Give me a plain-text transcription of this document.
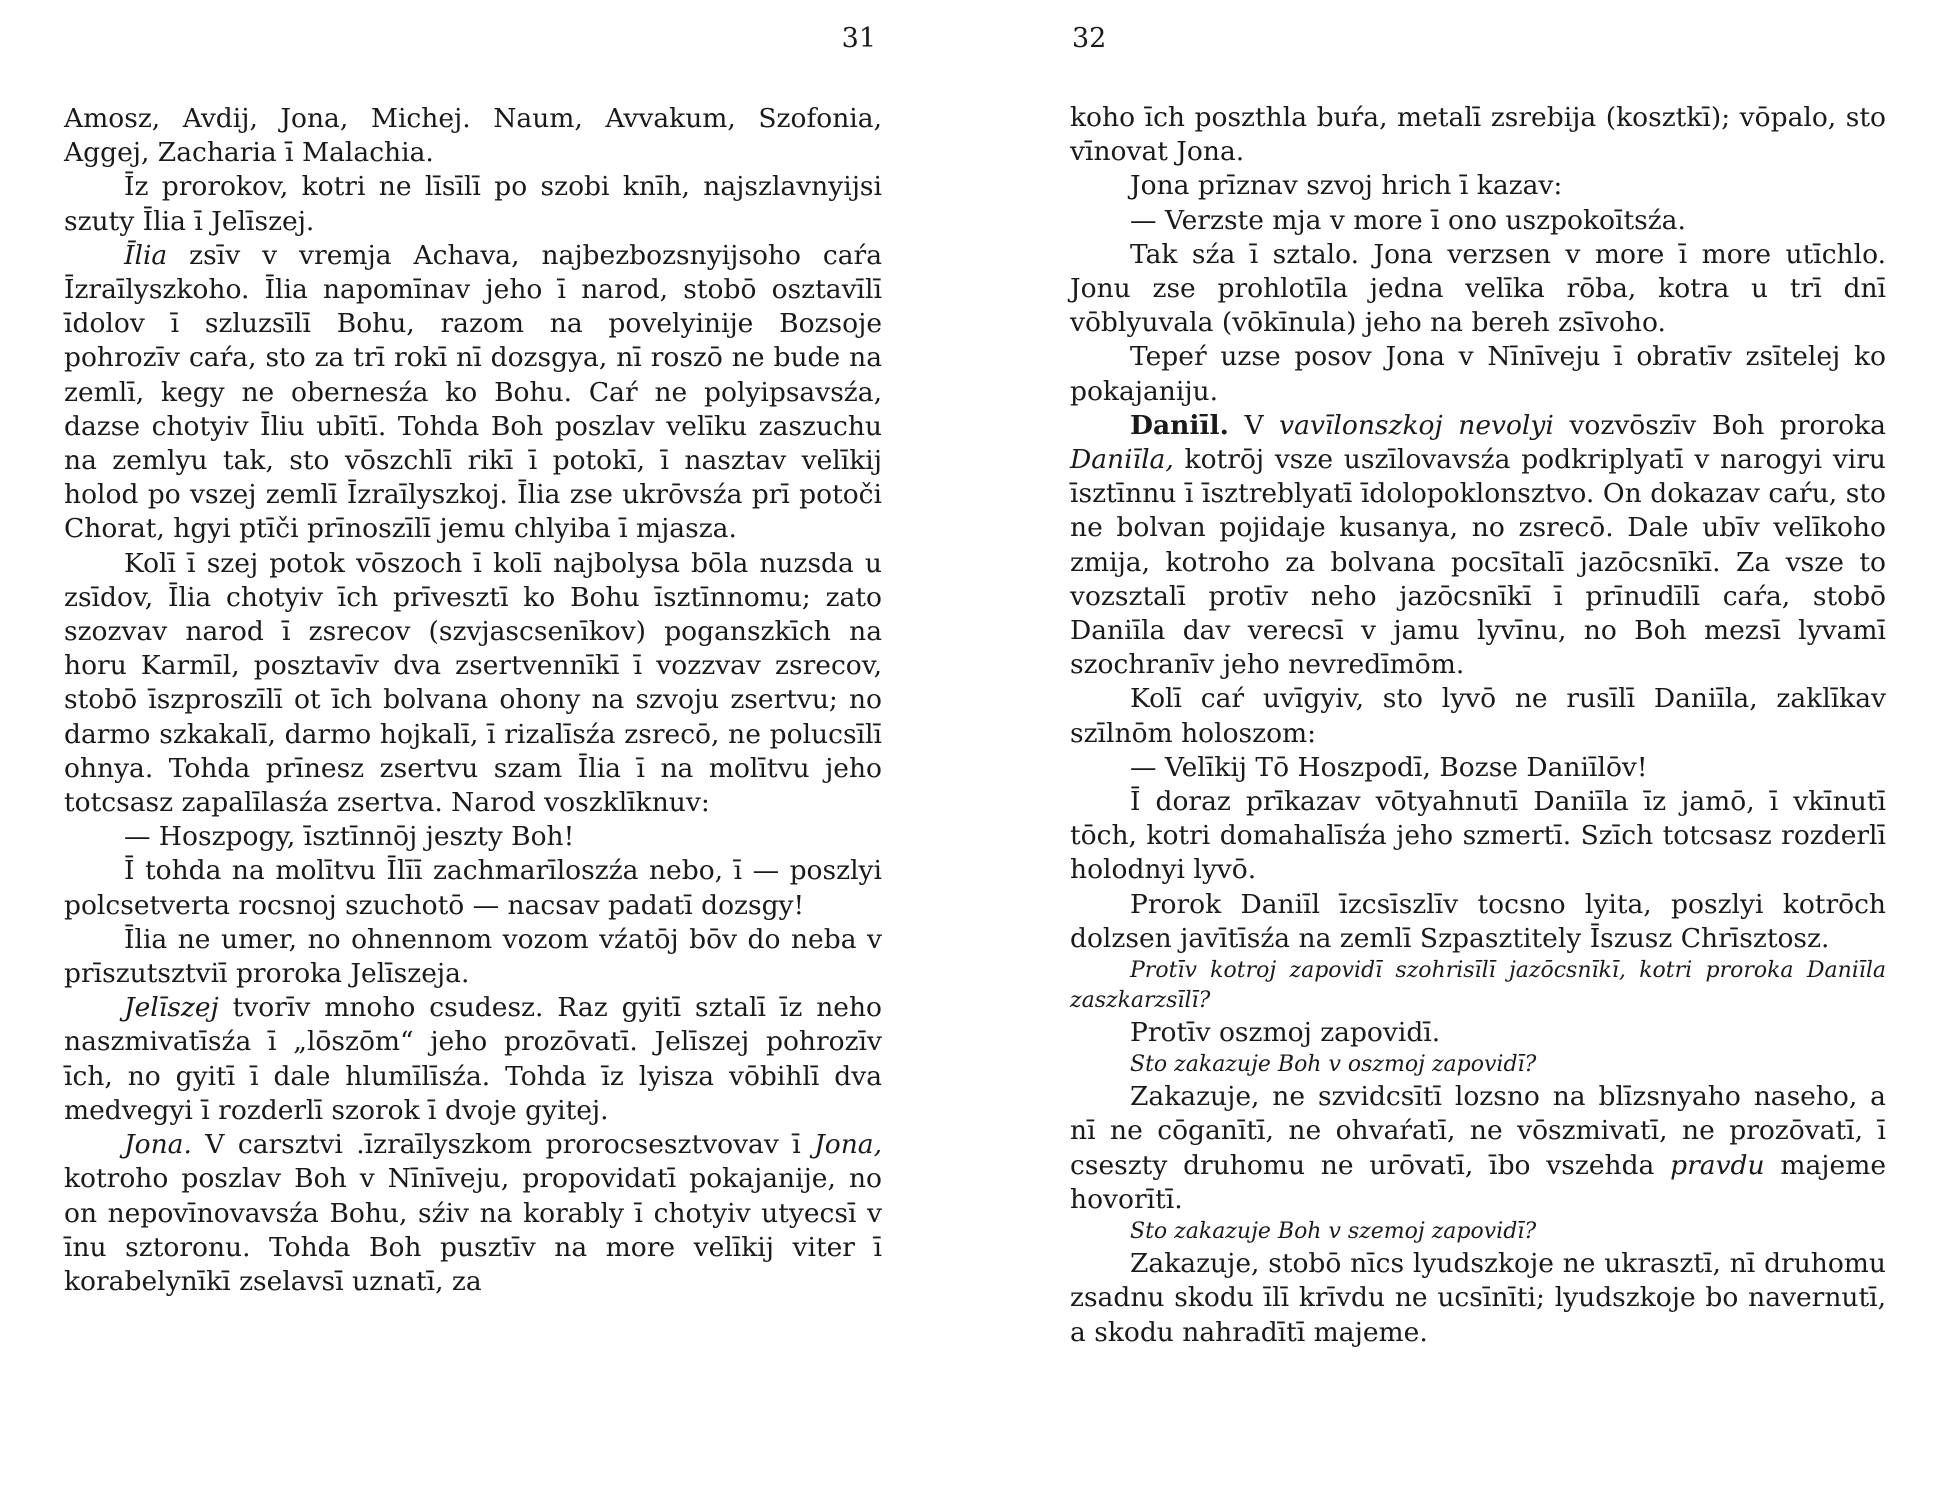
31

Amosz, Avdij, Jona, Michej. Naum, Avvakum, Szofonia, Aggej, Zacharia ī Malachia.

Īz prorokov, kotri ne līsīlī po szobi knīh, najszlavnyijsi szuty Īlia ī Jelīszej.

Īlia zsīv v vremja Achava, najbezbozsnyijsoho caŕa Īzraīlyszkoho. Īlia napomīnav jeho ī narod, stobō osztavīlī īdolov ī szluzsīlī Bohu, razom na povelyinije Bozsoje pohrozīv caŕa, sto za trī rokī nī dozsgya, nī roszō ne bude na zemlī, kegy ne obernesźa ko Bohu. Caŕ ne polyipsavsźa, dazse chotyiv Īliu ubītī. Tohda Boh poszlav velīku zaszuchu na zemlyu tak, sto vōszchlī rikī ī potokī, ī nasztav velīkij holod po vszej zemlī Īzraīlyszkoj. Īlia zse ukrōvsźa prī potoči Chorat, hgyi ptīči prīnoszīlī jemu chlyiba ī mjasza.

Kolī ī szej potok vōszoch ī kolī najbolysa bōla nuzsda u zsīdov, Īlia chotyiv īch prīvesztī ko Bohu īsztīnnomu; zato szozvav narod ī zsrecov (szvjascsenīkov) poganszkīch na horu Karmīl, posztavīv dva zsertvennīkī ī vozzvav zsrecov, stobō īszproszīlī ot īch bolvana ohony na szvoju zsertvu; no darmo szkakalī, darmo hojkalī, ī rizalīsźa zsrecō, ne polucsīlī ohnya. Tohda prīnesz zsertvu szam Īlia ī na molītvu jeho totcsasz zapalīlasźa zsertva. Narod voszklīknuv:

— Hoszpogy, īsztīnnōj jeszty Boh!

Ī tohda na molītvu Īlīī zachmarīloszźa nebo, ī — poszlyi polcsetverta rocsnoj szuchotō — nacsav padatī dozsgy!

Īlia ne umer, no ohnennom vozom vźatōj bōv do neba v prīszutsztviī proroka Jelīszeja.

Jelīszej tvorīv mnoho csudesz. Raz gyitī sztalī īz neho naszmivatīsźa ī „lōszōm“ jeho prozōvatī. Jelīszej pohrozīv īch, no gyitī ī dale hlumīlīsźa. Tohda īz lyisza vōbihlī dva medvegyi ī rozderlī szorok ī dvoje gyitej.

Jona. V carsztvi .īzraīlyszkom prorocsesztvovav ī Jona, kotroho poszlav Boh v Nīnīveju, propovidatī pokajanije, no on nepovīnovavsźa Bohu, sźiv na korably ī chotyiv utyecsī v īnu sztoronu. Tohda Boh pusztīv na more velīkij viter ī korabelynīkī zselavsī uznatī, za

32

koho īch poszthla buŕa, metalī zsrebija (kosztkī); vōpalo, sto vīnovat Jona.

Jona prīznav szvoj hrich ī kazav:

— Verzste mja v more ī ono uszpokoītsźa.

Tak sźa ī sztalo. Jona verzsen v more ī more utīchlo. Jonu zse prohlotīla jedna velīka rōba, kotra u trī dnī vōblyuvala (vōkīnula) jeho na bereh zsīvoho.

Tepeŕ uzse posov Jona v Nīnīveju ī obratīv zsītelej ko pokajaniju.

Daniīl. V vavīlonszkoj nevolyi vozvōszīv Boh proroka Daniīla, kotrōj vsze uszīlovavsźa podkriplyatī v narogyi viru īsztīnnu ī īsztreblyatī īdolopoklonsztvo. On dokazav caŕu, sto ne bolvan pojidaje kusanya, no zsrecō. Dale ubīv velīkoho zmija, kotroho za bolvana pocsītalī jazōcsnīkī. Za vsze to vozsztalī protīv neho jazōcsnīkī ī prīnudīlī caŕa, stobō Daniīla dav verecsī v jamu lyvīnu, no Boh mezsī lyvamī szochranīv jeho nevredīmōm.

Kolī caŕ uvīgyiv, sto lyvō ne rusīlī Daniīla, zaklīkav szīlnōm holoszom:

— Velīkij Tō Hoszpodī, Bozse Daniīlōv!

Ī doraz prīkazav vōtyahnutī Daniīla īz jamō, ī vkīnutī tōch, kotri domahalīsźa jeho szmertī. Szīch totcsasz rozderlī holodnyi lyvō.

Prorok Daniīl īzcsīszlīv tocsno lyita, poszlyi kotrōch dolzsen javītīsźa na zemlī Szpasztitely Īszusz Chrīsztosz.

Protīv kotroj zapovidī szohrisīlī jazōcsnīkī, kotri proroka Daniīla zaszkarzsīlī?

Protīv oszmoj zapovidī.

Sto zakazuje Boh v oszmoj zapovidī?

Zakazuje, ne szvidcsītī lozsno na blīzsnyaho naseho, a nī ne cōganītī, ne ohvaŕatī, ne vōszmivatī, ne prozōvatī, ī cseszty druhomu ne urōvatī, ībo vszehda pravdu majeme hovorītī.

Sto zakazuje Boh v szemoj zapovidī?

Zakazuje, stobō nīcs lyudszkoje ne ukrasztī, nī druhomu zsadnu skodu īlī krīvdu ne ucsīnīti; lyudszkoje bo navernutī, a skodu nahradītī majeme.
